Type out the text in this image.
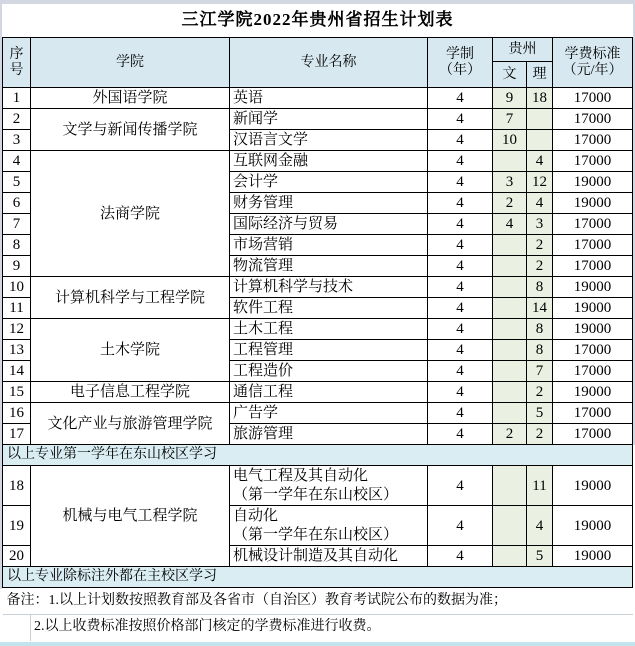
三江学院2022年贵州省招生计划表						

序
号	学院	专业名称	学制
（年）	贵州		学费标准
（元/年）

				文	理	
1	外国语学院	英语	4	9	18	17000
2	文学与新闻传播学院	新闻学	4	7		17000
3		汉语言文学	4	10		17000
4	法商学院	互联网金融	4		4	17000
5		会计学	4	3	12	19000
6		财务管理	4	2	4	19000
7		国际经济与贸易	4	4	3	17000
8		市场营销	4		2	17000
9		物流管理	4		2	17000
10	计算机科学与工程学院	计算机科学与技术	4		8	19000
11		软件工程	4		14	19000
12	土木学院	土木工程	4		8	19000
13		工程管理	4		8	17000
14		工程造价	4		7	17000
15	电子信息工程学院	通信工程	4		2	19000
16	文化产业与旅游管理学院	广告学	4		5	17000
17		旅游管理	4	2	2	17000
以上专业第一学年在东山校区学习						
18	机械与电气工程学院	电气工程及其自动化
（第一学年在东山校区）	4		11	19000
19		自动化
（第一学年在东山校区）	4		4	19000
20		机械设计制造及其自动化	4		5	19000
以上专业除标注外都在主校区学习						
备注：1.以上计划数按照教育部及各省市（自治区）教育考试院公布的数据为准；						
	2.以上收费标准按照价格部门核定的学费标准进行收费。					
